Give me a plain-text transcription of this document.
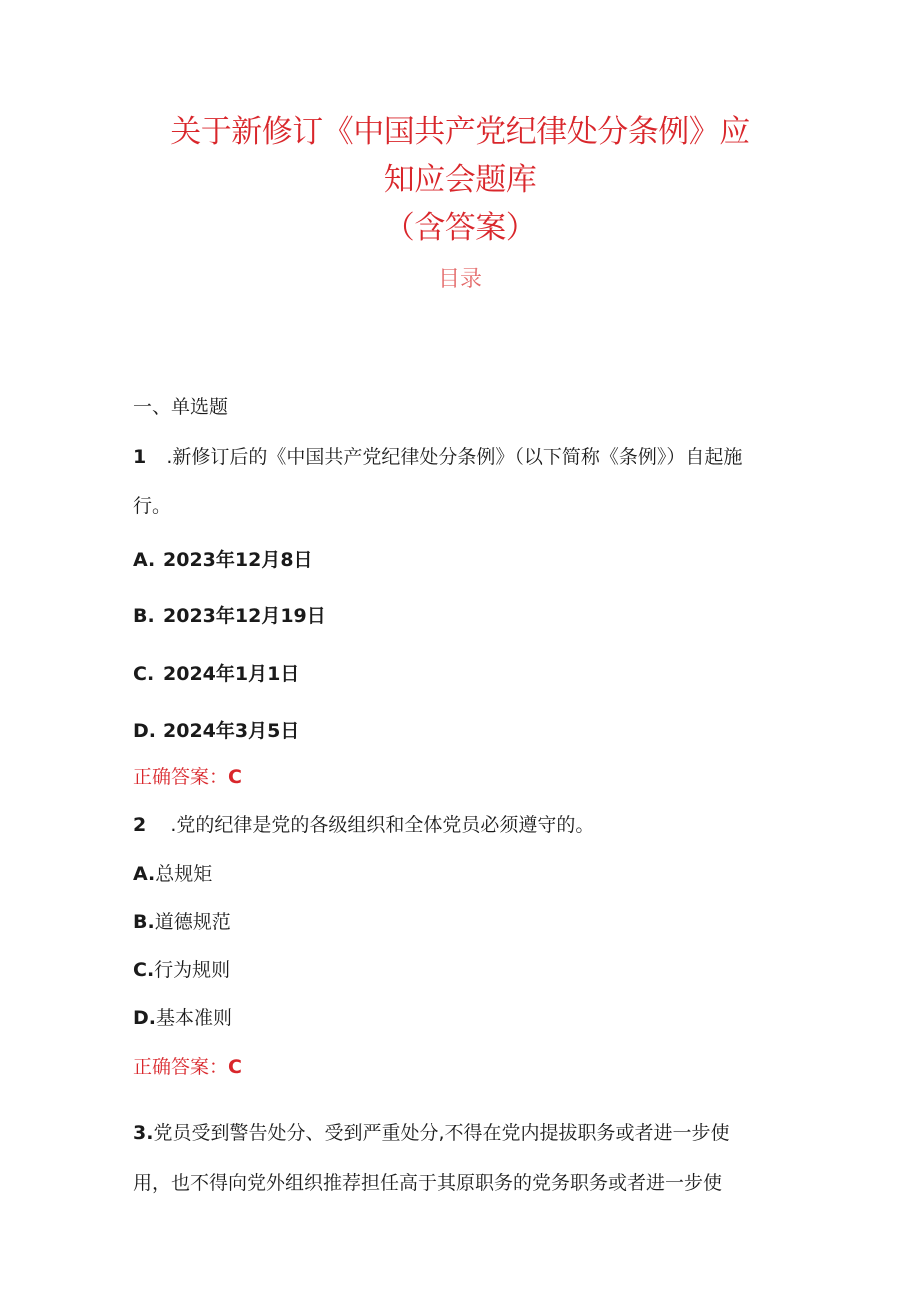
关于新修订《中国共产党纪律处分条例》应
知应会题库
（含答案）
目录
一、单选题
1 .新修订后的《中国共产党纪律处分条例》（以下简称《条例》）自起施
行。
A. 2023年12月8日
B. 2023年12月19日
C. 2024年1月1日
D. 2024年3月5日
正确答案：C
2 .党的纪律是党的各级组织和全体党员必须遵守的。
A.总规矩
B.道德规范
C.行为规则
D.基本准则
正确答案：C
3.党员受到警告处分、受到严重处分,不得在党内提拔职务或者进一步使
用，也不得向党外组织推荐担任高于其原职务的党务职务或者进一步使
